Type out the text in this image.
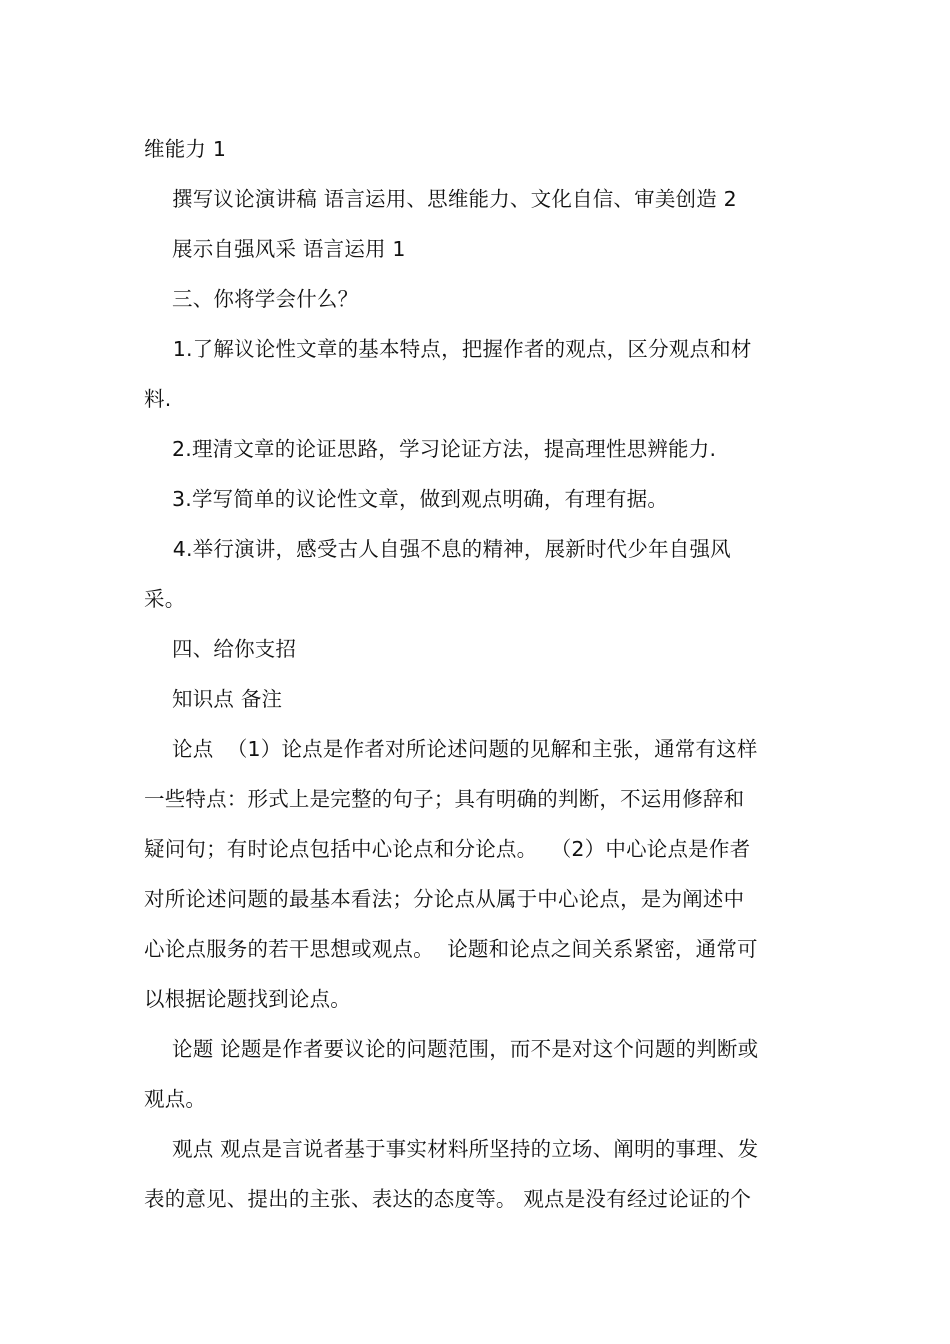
维能力 1
撰写议论演讲稿 语言运用、思维能力、文化自信、审美创造 2
展示自强风采 语言运用 1
三、你将学会什么？
1.了解议论性文章的基本特点，把握作者的观点，区分观点和材
料.
2.理清文章的论证思路，学习论证方法，提高理性思辨能力.
3.学写简单的议论性文章，做到观点明确，有理有据。
4.举行演讲，感受古人自强不息的精神，展新时代少年自强风
采。
四、给你支招
知识点 备注
论点  （1）论点是作者对所论述问题的见解和主张，通常有这样
一些特点：形式上是完整的句子；具有明确的判断，不运用修辞和
疑问句；有时论点包括中心论点和分论点。  （2）中心论点是作者
对所论述问题的最基本看法；分论点从属于中心论点，是为阐述中
心论点服务的若干思想或观点。  论题和论点之间关系紧密，通常可
以根据论题找到论点。
论题 论题是作者要议论的问题范围，而不是对这个问题的判断或
观点。
观点 观点是言说者基于事实材料所坚持的立场、阐明的事理、发
表的意见、提出的主张、表达的态度等。 观点是没有经过论证的个
